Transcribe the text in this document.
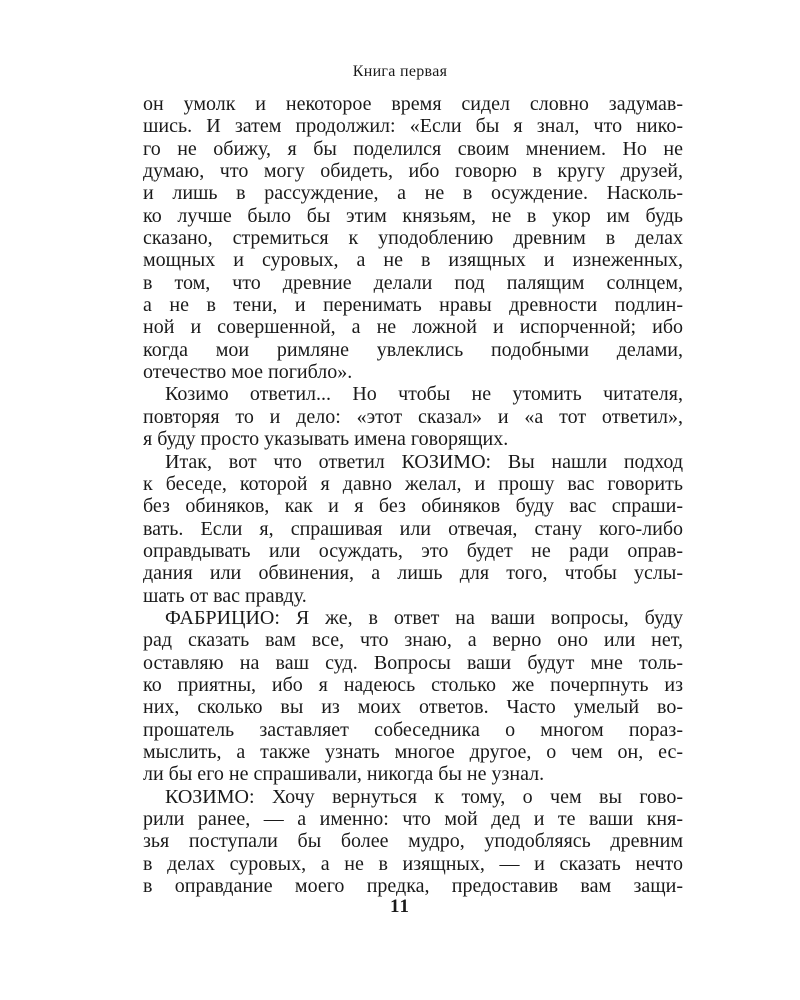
Книга первая
он умолк и некоторое время сидел словно задумав-
шись. И затем продолжил: «Если бы я знал, что нико-
го не обижу, я бы поделился своим мнением. Но не
думаю, что могу обидеть, ибо говорю в кругу друзей,
и лишь в рассуждение, а не в осуждение. Насколь-
ко лучше было бы этим князьям, не в укор им будь
сказано, стремиться к уподоблению древним в делах
мощных и суровых, а не в изящных и изнеженных,
в том, что древние делали под палящим солнцем,
а не в тени, и перенимать нравы древности подлин-
ной и совершенной, а не ложной и испорченной; ибо
когда мои римляне увлеклись подобными делами,
отечество мое погибло».
Козимо ответил... Но чтобы не утомить читателя,
повторяя то и дело: «этот сказал» и «а тот ответил»,
я буду просто указывать имена говорящих.
Итак, вот что ответил КОЗИМО: Вы нашли подход
к беседе, которой я давно желал, и прошу вас говорить
без обиняков, как и я без обиняков буду вас спраши-
вать. Если я, спрашивая или отвечая, стану кого-либо
оправдывать или осуждать, это будет не ради оправ-
дания или обвинения, а лишь для того, чтобы услы-
шать от вас правду.
ФАБРИЦИО: Я же, в ответ на ваши вопросы, буду
рад сказать вам все, что знаю, а верно оно или нет,
оставляю на ваш суд. Вопросы ваши будут мне толь-
ко приятны, ибо я надеюсь столько же почерпнуть из
них, сколько вы из моих ответов. Часто умелый во-
прошатель заставляет собеседника о многом пораз-
мыслить, а также узнать многое другое, о чем он, ес-
ли бы его не спрашивали, никогда бы не узнал.
КОЗИМО: Хочу вернуться к тому, о чем вы гово-
рили ранее, — а именно: что мой дед и те ваши кня-
зья поступали бы более мудро, уподобляясь древним
в делах суровых, а не в изящных, — и сказать нечто
в оправдание моего предка, предоставив вам защи-
11
